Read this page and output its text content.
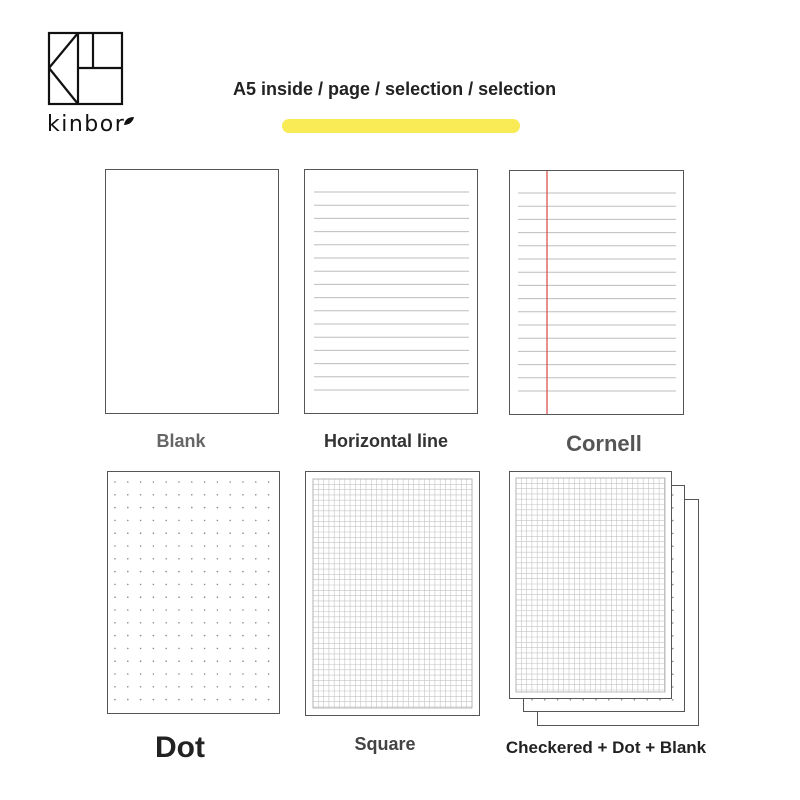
kinbor
A5 inside / page / selection / selection
Blank	Horizontal line	Cornell
Dot	Square	Checkered + Dot + Blank
